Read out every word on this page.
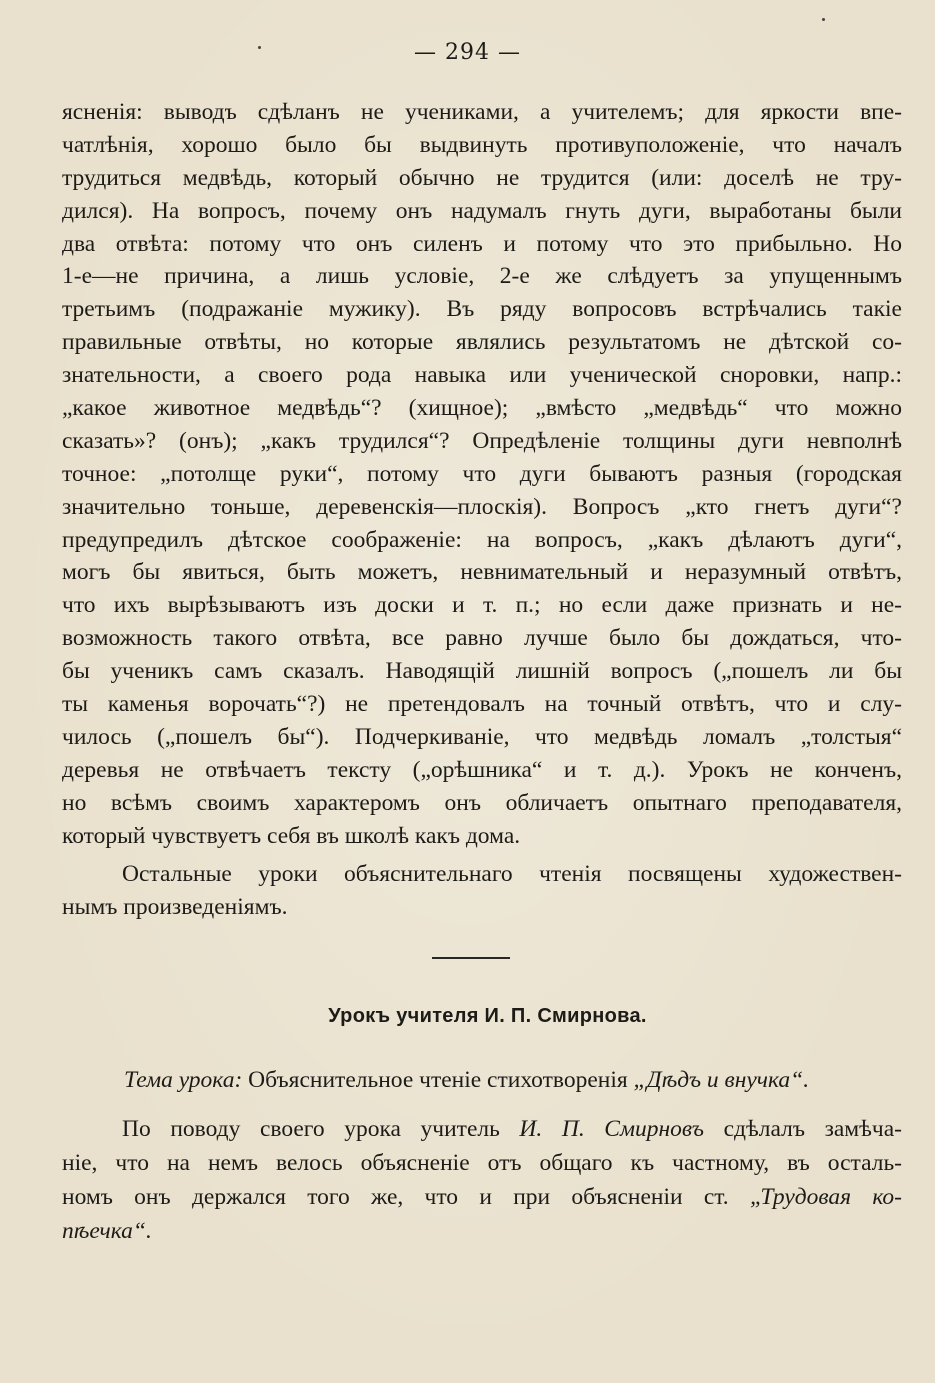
— 294 —
ясненія: выводъ сдѣланъ не учениками, а учителемъ; для яркости впе-
чатлѣнія, хорошо было бы выдвинуть противуположеніе, что началъ
трудиться медвѣдь, который обычно не трудится (или: доселѣ не тру-
дился). На вопросъ, почему онъ надумалъ гнуть дуги, выработаны были
два отвѣта: потому что онъ силенъ и потому что это прибыльно. Но
1-е—не причина, а лишь условіе, 2-е же слѣдуетъ за упущеннымъ
третьимъ (подражаніе мужику). Въ ряду вопросовъ встрѣчались такіе
правильные отвѣты, но которые являлись результатомъ не дѣтской со-
знательности, а своего рода навыка или ученической сноровки, напр.:
„какое животное медвѣдь“? (хищное); „вмѣсто „медвѣдь“ что можно
сказать»? (онъ); „какъ трудился“? Опредѣленіе толщины дуги невполнѣ
точное: „потолще руки“, потому что дуги бываютъ разныя (городская
значительно тоньше, деревенскія—плоскія). Вопросъ „кто гнетъ дуги“?
предупредилъ дѣтское соображеніе: на вопросъ, „какъ дѣлаютъ дуги“,
могъ бы явиться, быть можетъ, невнимательный и неразумный отвѣтъ,
что ихъ вырѣзываютъ изъ доски и т. п.; но если даже признать и не-
возможность такого отвѣта, все равно лучше было бы дождаться, что-
бы ученикъ самъ сказалъ. Наводящій лишній вопросъ („пошелъ ли бы
ты каменья ворочать“?) не претендовалъ на точный отвѣтъ, что и слу-
чилось („пошелъ бы“). Подчеркиваніе, что медвѣдь ломалъ „толстыя“
деревья не отвѣчаетъ тексту („орѣшника“ и т. д.). Урокъ не конченъ,
но всѣмъ своимъ характеромъ онъ обличаетъ опытнаго преподавателя,
который чувствуетъ себя въ школѣ какъ дома.
Остальные уроки объяснительнаго чтенія посвящены художествен-
нымъ произведеніямъ.
Урокъ учителя И. П. Смирнова.
Тема урока: Объяснительное чтеніе стихотворенія „Дѣдъ и внучка“.
По поводу своего урока учитель И. П. Смирновъ сдѣлалъ замѣча-
ніе, что на немъ велось объясненіе отъ общаго къ частному, въ осталь-
номъ онъ держался того же, что и при объясненіи ст. „Трудовая ко-
пѣечка“.
